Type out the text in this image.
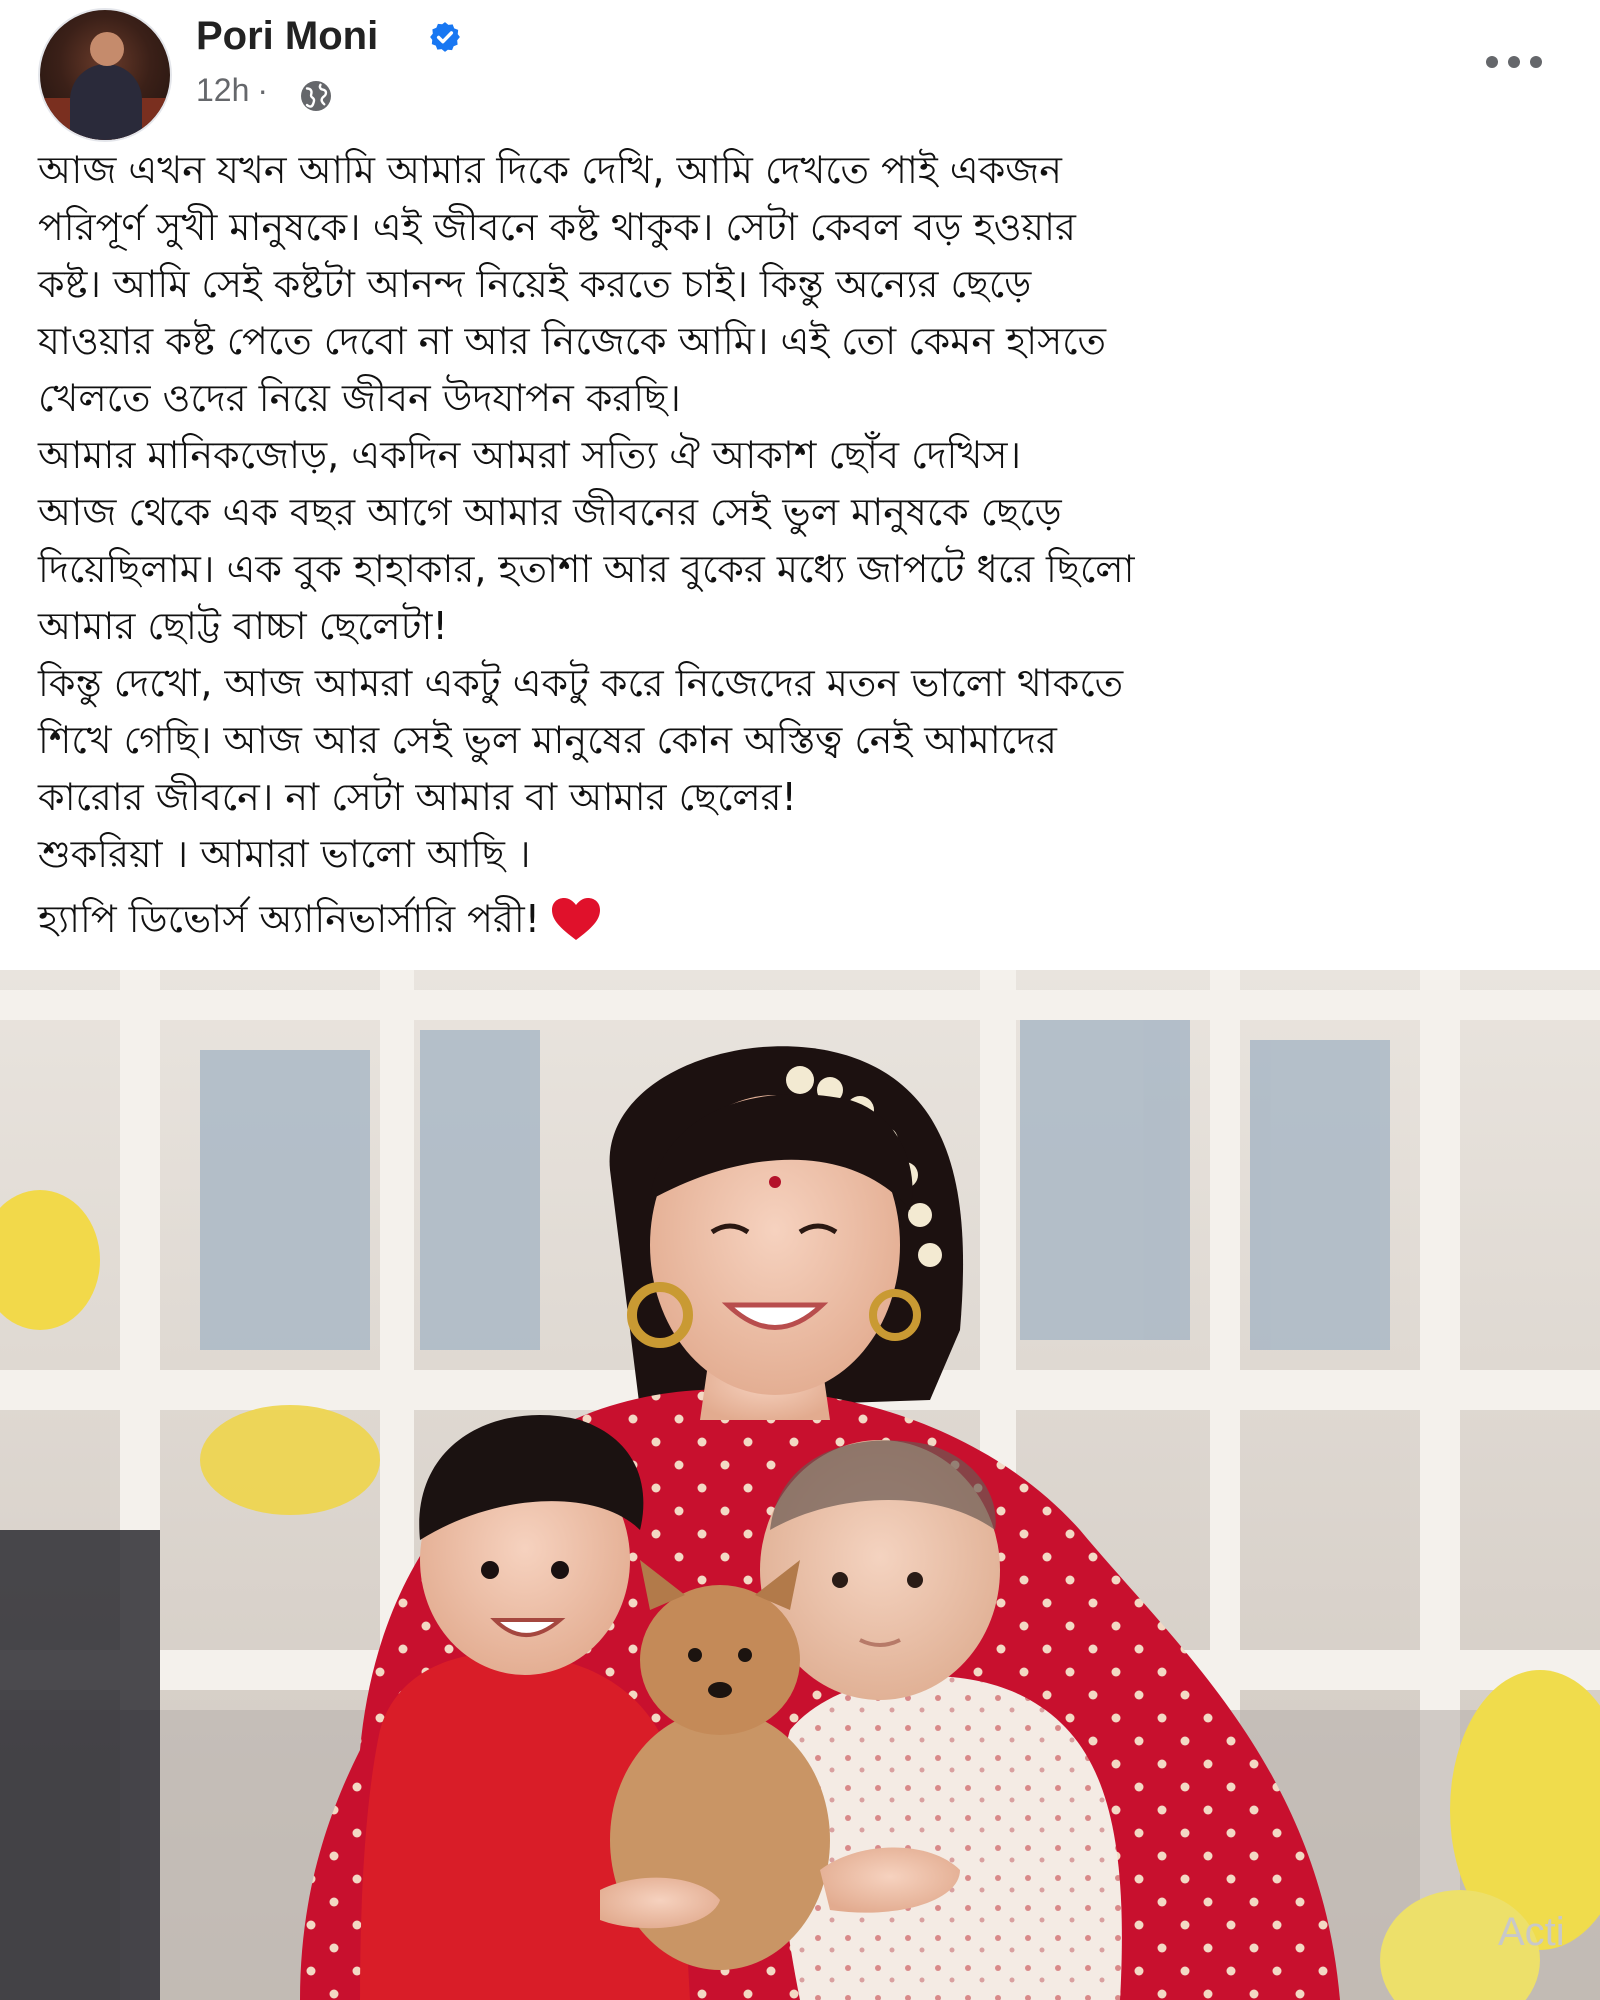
Pori Moni
12h ·

আজ এখন যখন আমি আমার দিকে দেখি, আমি দেখতে পাই একজন
পরিপূর্ণ সুখী মানুষকে। এই জীবনে কষ্ট থাকুক। সেটা কেবল বড় হওয়ার
কষ্ট। আমি সেই কষ্টটা আনন্দ নিয়েই করতে চাই। কিন্তু অন্যের ছেড়ে
যাওয়ার কষ্ট পেতে দেবো না আর নিজেকে আমি। এই তো কেমন হাসতে
খেলতে ওদের নিয়ে জীবন উদযাপন করছি।

আমার মানিকজোড়, একদিন আমরা সত্যি ঐ আকাশ ছোঁব দেখিস।

আজ থেকে এক বছর আগে আমার জীবনের সেই ভুল মানুষকে ছেড়ে
দিয়েছিলাম। এক বুক হাহাকার, হতাশা আর বুকের মধ্যে জাপটে ধরে ছিলো
আমার ছোট্ট বাচ্চা ছেলেটা!

কিন্তু দেখো, আজ আমরা একটু একটু করে নিজেদের মতন ভালো থাকতে
শিখে গেছি। আজ আর সেই ভুল মানুষের কোন অস্তিত্ব নেই আমাদের
কারোর জীবনে। না সেটা আমার বা আমার ছেলের!

শুকরিয়া । আমারা ভালো আছি ।

হ্যাপি ডিভোর্স অ্যানিভার্সারি পরী!

Acti
